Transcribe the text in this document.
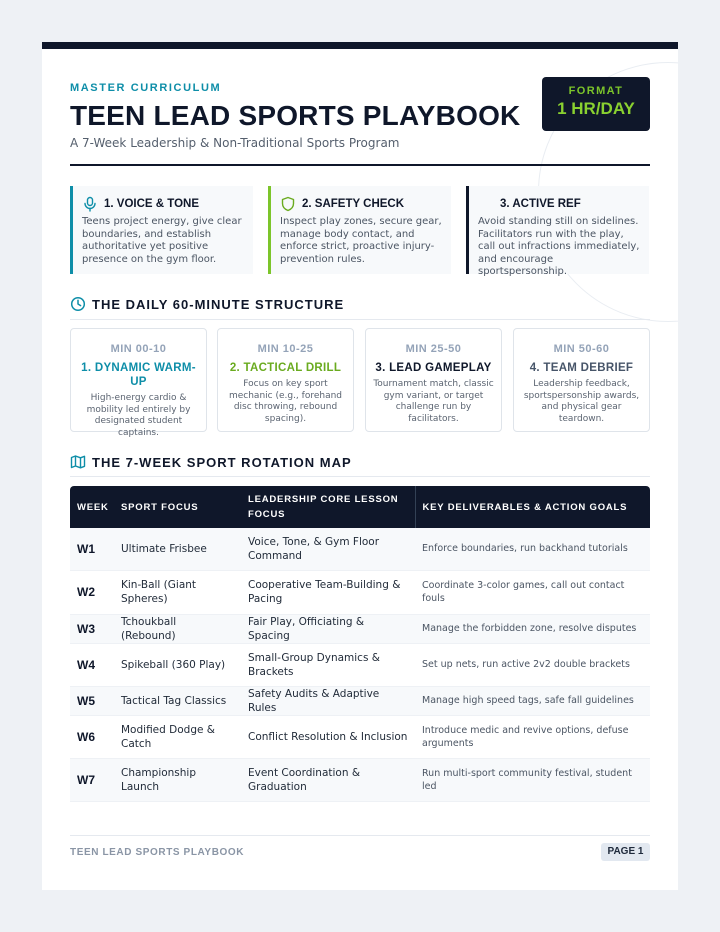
MASTER CURRICULUM
TEEN LEAD SPORTS PLAYBOOK
A 7-Week Leadership & Non-Traditional Sports Program
FORMAT
1 HR/DAY
1. VOICE & TONE
Teens project energy, give clear boundaries, and establish authoritative yet positive presence on the gym floor.
2. SAFETY CHECK
Inspect play zones, secure gear, manage body contact, and enforce strict, proactive injury-prevention rules.
3. ACTIVE REF
Avoid standing still on sidelines. Facilitators run with the play, call out infractions immediately, and encourage sportspersonship.
THE DAILY 60-MINUTE STRUCTURE
MIN 00-10
1. DYNAMIC WARM-UP
High-energy cardio & mobility led entirely by designated student captains.
MIN 10-25
2. TACTICAL DRILL
Focus on key sport mechanic (e.g., forehand disc throwing, rebound spacing).
MIN 25-50
3. LEAD GAMEPLAY
Tournament match, classic gym variant, or target challenge run by facilitators.
MIN 50-60
4. TEAM DEBRIEF
Leadership feedback, sportspersonship awards, and physical gear teardown.
THE 7-WEEK SPORT ROTATION MAP
WEEK	SPORT FOCUS	LEADERSHIP CORE LESSON FOCUS	KEY DELIVERABLES & ACTION GOALS
W1	Ultimate Frisbee	Voice, Tone, & Gym Floor Command	Enforce boundaries, run backhand tutorials
W2	Kin-Ball (Giant Spheres)	Cooperative Team-Building & Pacing	Coordinate 3-color games, call out contact fouls
W3	Tchoukball (Rebound)	Fair Play, Officiating & Spacing	Manage the forbidden zone, resolve disputes
W4	Spikeball (360 Play)	Small-Group Dynamics & Brackets	Set up nets, run active 2v2 double brackets
W5	Tactical Tag Classics	Safety Audits & Adaptive Rules	Manage high speed tags, safe fall guidelines
W6	Modified Dodge & Catch	Conflict Resolution & Inclusion	Introduce medic and revive options, defuse arguments
W7	Championship Launch	Event Coordination & Graduation	Run multi-sport community festival, student led
TEEN LEAD SPORTS PLAYBOOK	PAGE 1
